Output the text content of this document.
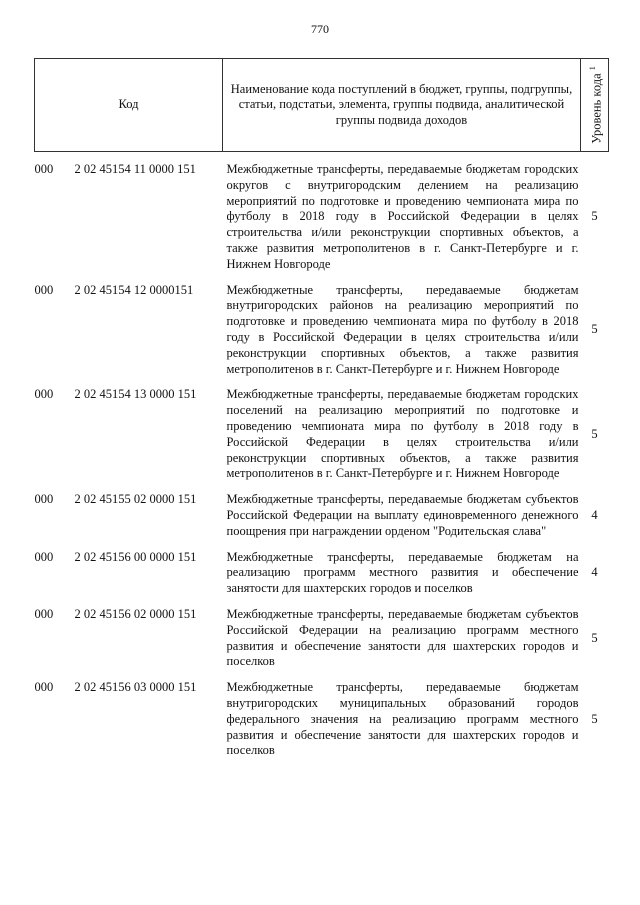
770
Код		Наименование кода поступлений в бюджет, группы, подгруппы, статьи, подстатьи, элемента, группы подвида, аналитической группы подвида доходов	Уровень кода $^1$

000	2 02 45154 11 0000 151	Межбюджетные трансферты, передаваемые бюджетам городских округов с внутригородским делением на реализацию мероприятий по подготовке и проведению чемпионата мира по футболу в 2018 году в Российской Федерации в целях строительства и/или реконструкции спортивных объектов, а также развития метрополитенов в г. Санкт-Петербурге и г. Нижнем Новгороде	5
000	2 02 45154 12 0000151	Межбюджетные трансферты, передаваемые бюджетам внутригородских районов на реализацию мероприятий по подготовке и проведению чемпионата мира по футболу в 2018 году в Российской Федерации в целях строительства и/или реконструкции спортивных объектов, а также развития метрополитенов в г. Санкт-Петербурге и г. Нижнем Новгороде	5
000	2 02 45154 13 0000 151	Межбюджетные трансферты, передаваемые бюджетам городских поселений на реализацию мероприятий по подготовке и проведению чемпионата мира по футболу в 2018 году в Российской Федерации в целях строительства и/или реконструкции спортивных объектов, а также развития метрополитенов в г. Санкт-Петербурге и г. Нижнем Новгороде	5
000	2 02 45155 02 0000 151	Межбюджетные трансферты, передаваемые бюджетам субъектов Российской Федерации на выплату единовременного денежного поощрения при награждении орденом "Родительская слава"	4
000	2 02 45156 00 0000 151	Межбюджетные трансферты, передаваемые бюджетам на реализацию программ местного развития и обеспечение занятости для шахтерских городов и поселков	4
000	2 02 45156 02 0000 151	Межбюджетные трансферты, передаваемые бюджетам субъектов Российской Федерации на реализацию программ местного развития и обеспечение занятости для шахтерских городов и поселков	5
000	2 02 45156 03 0000 151	Межбюджетные трансферты, передаваемые бюджетам внутригородских муниципальных образований городов федерального значения на реализацию программ местного развития и обеспечение занятости для шахтерских городов и поселков	5
